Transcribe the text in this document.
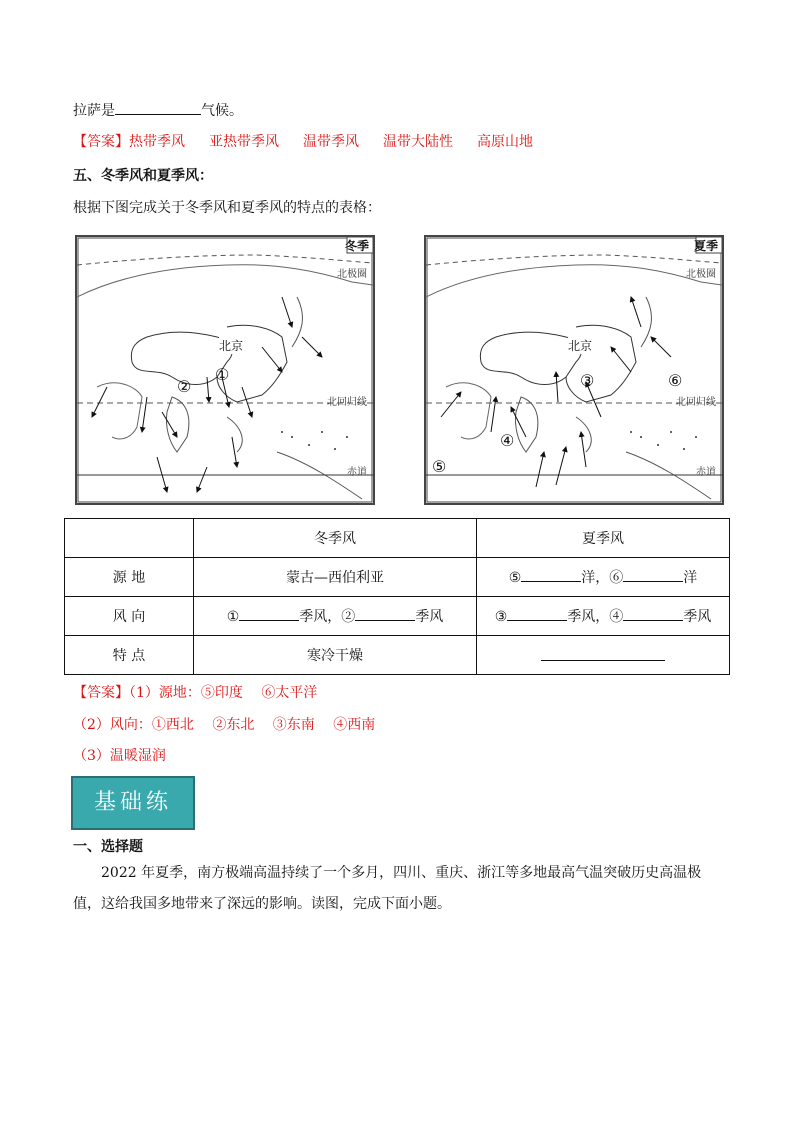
拉萨是	气候。
【答案】热带季风 亚热带季风 温带季风 温带大陆性 高原山地
五、冬季风和夏季风：
根据下图完成关于冬季风和夏季风的特点的表格：
冬季
北京
北极圈
北回归线
赤道
①
②
夏季
北京
北极圈
北回归线
赤道
③
④
⑤
⑥
	冬季风	夏季风
源 地	蒙古—西伯利亚	⑤ 洋，⑥ 洋
风 向	① 季风，② 季风	③ 季风，④ 季风
特 点	寒冷干燥	
【答案】（1）源地：⑤印度　 ⑥太平洋
（2）风向：①西北　 ②东北　 ③东南　 ④西南
（3）温暖湿润
基础练
一、选择题
2022 年夏季，南方极端高温持续了一个多月，四川、重庆、浙江等多地最高气温突破历史高温极值，这给我国多地带来了深远的影响。读图，完成下面小题。
